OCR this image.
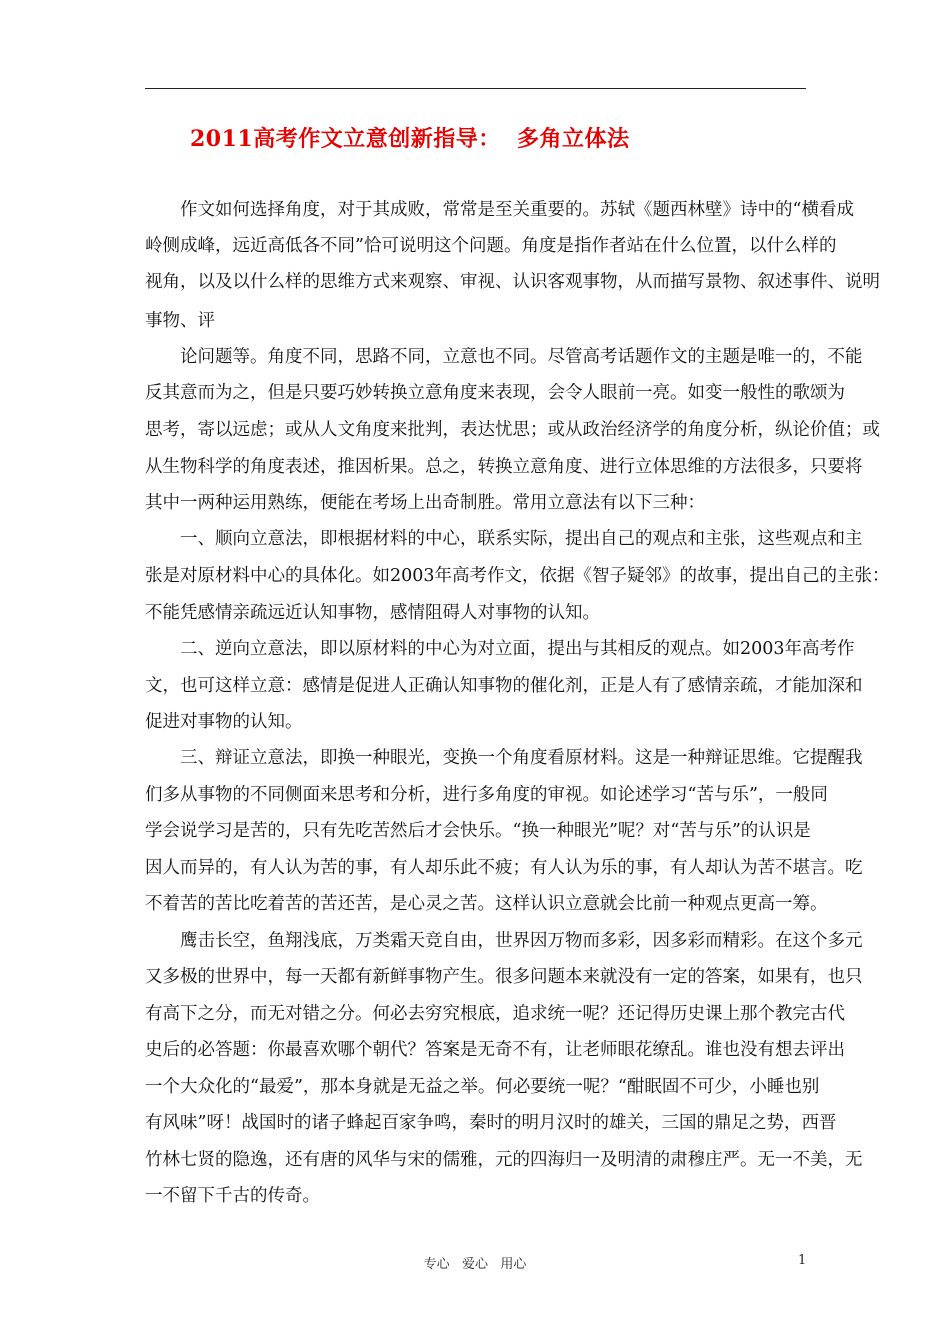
2011高考作文立意创新指导：  多角立体法
作文如何选择角度，对于其成败，常常是至关重要的。苏轼《题西林壁》诗中的“横看成
岭侧成峰，远近高低各不同”恰可说明这个问题。角度是指作者站在什么位置，以什么样的
视角，以及以什么样的思维方式来观察、审视、认识客观事物，从而描写景物、叙述事件、说明
事物、评
论问题等。角度不同，思路不同，立意也不同。尽管高考话题作文的主题是唯一的，不能
反其意而为之，但是只要巧妙转换立意角度来表现，会令人眼前一亮。如变一般性的歌颂为
思考，寄以远虑；或从人文角度来批判，表达忧思；或从政治经济学的角度分析，纵论价值；或
从生物科学的角度表述，推因析果。总之，转换立意角度、进行立体思维的方法很多，只要将
其中一两种运用熟练，便能在考场上出奇制胜。常用立意法有以下三种：
一、顺向立意法，即根据材料的中心，联系实际，提出自己的观点和主张，这些观点和主
张是对原材料中心的具体化。如2003年高考作文，依据《智子疑邻》的故事，提出自己的主张：
不能凭感情亲疏远近认知事物，感情阻碍人对事物的认知。
二、逆向立意法，即以原材料的中心为对立面，提出与其相反的观点。如2003年高考作
文，也可这样立意：感情是促进人正确认知事物的催化剂，正是人有了感情亲疏，才能加深和
促进对事物的认知。
三、辩证立意法，即换一种眼光，变换一个角度看原材料。这是一种辩证思维。它提醒我
们多从事物的不同侧面来思考和分析，进行多角度的审视。如论述学习“苦与乐”，一般同
学会说学习是苦的，只有先吃苦然后才会快乐。“换一种眼光”呢？对“苦与乐”的认识是
因人而异的，有人认为苦的事，有人却乐此不疲；有人认为乐的事，有人却认为苦不堪言。吃
不着苦的苦比吃着苦的苦还苦，是心灵之苦。这样认识立意就会比前一种观点更高一筹。
鹰击长空，鱼翔浅底，万类霜天竞自由，世界因万物而多彩，因多彩而精彩。在这个多元
又多极的世界中，每一天都有新鲜事物产生。很多问题本来就没有一定的答案，如果有，也只
有高下之分，而无对错之分。何必去穷究根底，追求统一呢？还记得历史课上那个教完古代
史后的必答题：你最喜欢哪个朝代？答案是无奇不有，让老师眼花缭乱。谁也没有想去评出
一个大众化的“最爱”，那本身就是无益之举。何必要统一呢？“酣眠固不可少，小睡也别
有风味”呀！战国时的诸子蜂起百家争鸣，秦时的明月汉时的雄关，三国的鼎足之势，西晋
竹林七贤的隐逸，还有唐的风华与宋的儒雅，元的四海归一及明清的肃穆庄严。无一不美，无
一不留下千古的传奇。
专心   爱心   用心	1
